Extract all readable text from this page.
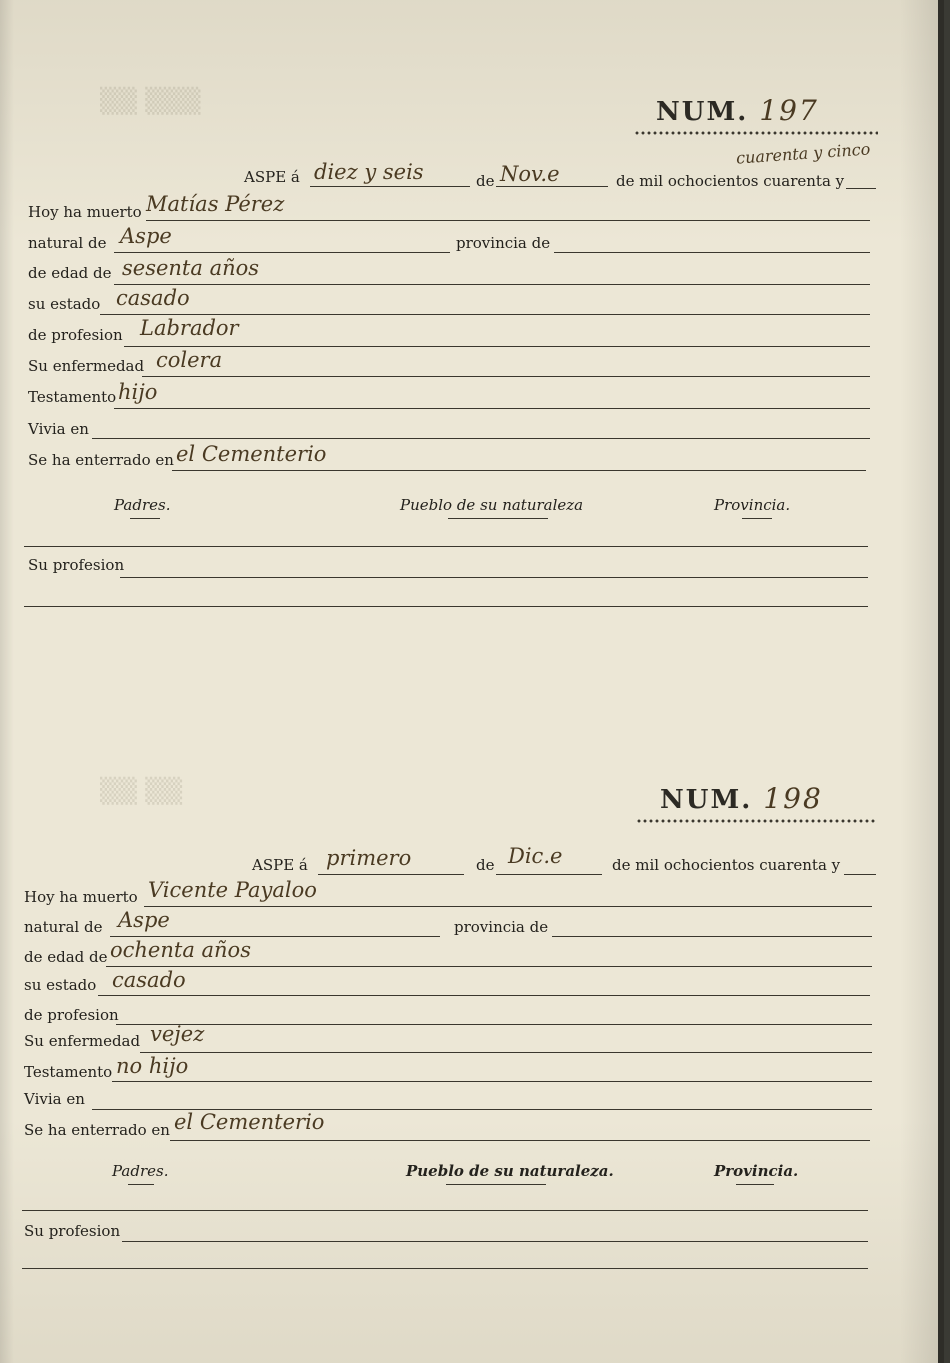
▒▒ ▒▒▒
▒▒ ▒▒
NUM. 197
cuarenta y cinco
ASPE á diez y seis	de Nov.e	de mil ochocientos cuarenta y
Hoy ha muerto Matías Pérez
natural de Aspe	provincia de
de edad de sesenta años
su estado casado
de profesion Labrador
Su enfermedad colera
Testamento hijo
Vivia en
Se ha enterrado en el Cementerio
Padres.	Pueblo de su naturaleza	Provincia.
Su profesion
NUM. 198
ASPE á primero	de Dic.e	de mil ochocientos cuarenta y
Hoy ha muerto Vicente Payaloo
natural de Aspe	provincia de
de edad de ochenta años
su estado casado
de profesion
Su enfermedad vejez
Testamento no hijo
Vivia en
Se ha enterrado en el Cementerio
Padres.	Pueblo de su naturaleza.	Provincia.
Su profesion
